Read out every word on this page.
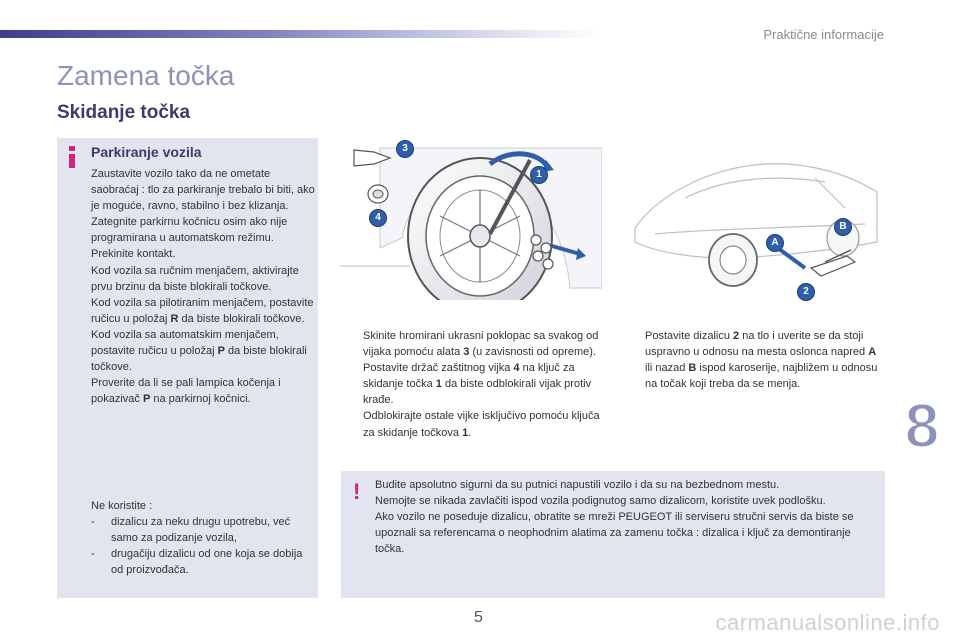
Praktične informacije
Zamena točka
Skidanje točka
Parkiranje vozila

Zaustavite vozilo tako da ne ometate saobraćaj : tlo za parkiranje trebalo bi biti, ako je moguće, ravno, stabilno i bez klizanja.

Zategnite parkirnu kočnicu osim ako nije programirana u automatskom režimu.

Prekinite kontakt.

Kod vozila sa ručnim menjačem, aktivirajte prvu brzinu da biste blokirali točkove.

Kod vozila sa pilotiranim menjačem, postavite ručicu u položaj R da biste blokirali točkove.

Kod vozila sa automatskim menjačem, postavite ručicu u položaj P da biste blokirali točkove.

Proverite da li se pali lampica kočenja i pokazivač P na parkirnoj kočnici.

Ne koristite :

- dizalicu za neku drugu upotrebu, već samo za podizanje vozila,
- drugačiju dizalicu od one koja se dobija od proizvođača.
3
4
1
A
B
2
Skinite hromirani ukrasni poklopac sa svakog od vijaka pomoću alata 3 (u zavisnosti od opreme).
Postavite držač zaštitnog vijka 4 na ključ za skidanje točka 1 da biste odblokirali vijak protiv krađe.
Odblokirajte ostale vijke isključivo pomoću ključa za skidanje točkova 1.
Postavite dizalicu 2 na tlo i uverite se da stoji uspravno u odnosu na mesta oslonca napred A ili nazad B ispod karoserije, najbližem u odnosu na točak koji treba da se menja.
! Budite apsolutno sigurni da su putnici napustili vozilo i da su na bezbednom mestu.
Nemojte se nikada zavlačiti ispod vozila podignutog samo dizalicom, koristite uvek podlošku.
Ako vozilo ne poseduje dizalicu, obratite se mreži PEUGEOT ili serviseru stručni servis da biste se upoznali sa referencama o neophodnim alatima za zamenu točka : dizalica i ključ za demontiranje točka.
8
5	carmanualsonline.info
